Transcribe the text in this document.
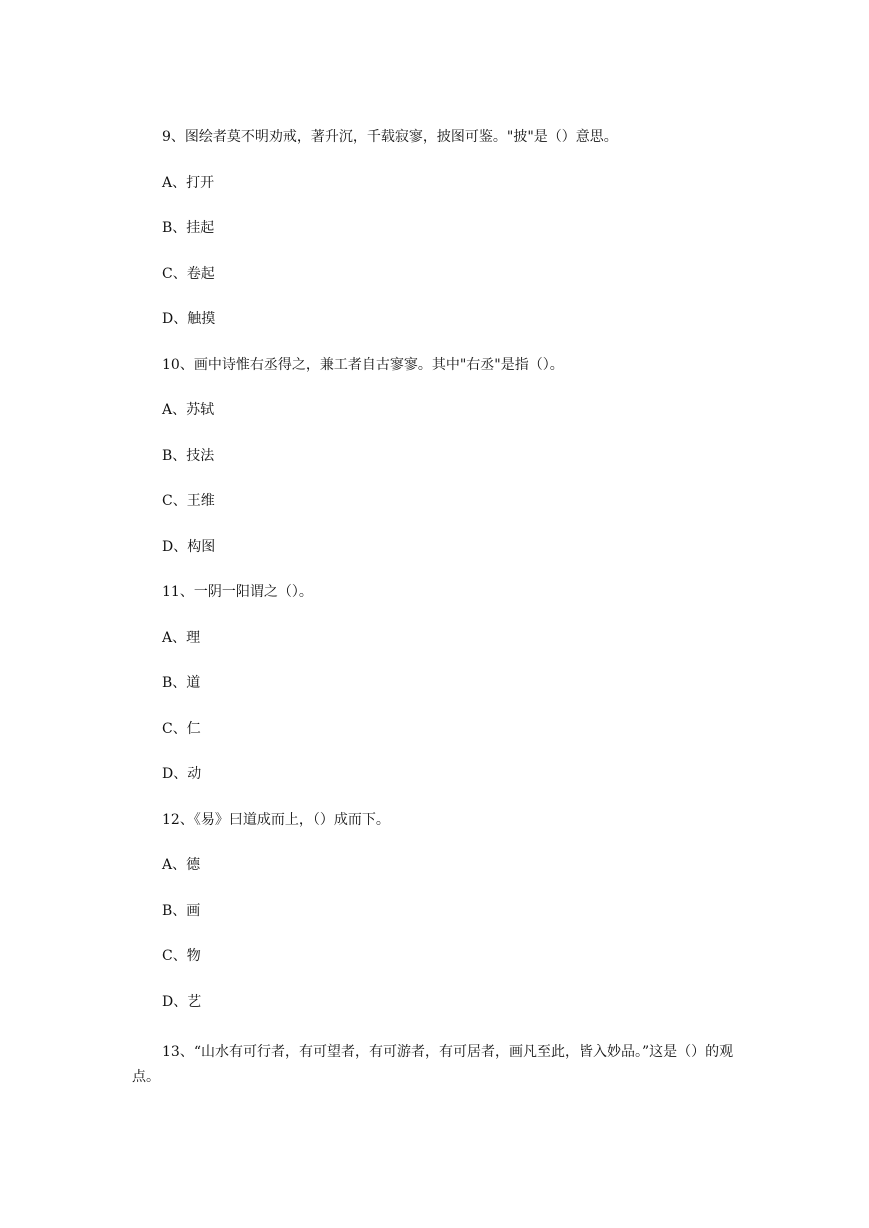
9、图绘者莫不明劝戒，著升沉，千载寂寥，披图可鉴。"披"是（）意思。

A、打开

B、挂起

C、卷起

D、触摸

10、画中诗惟右丞得之，兼工者自古寥寥。其中"右丞"是指（）。

A、苏轼

B、技法

C、王维

D、构图

11、一阴一阳谓之（）。

A、理

B、道

C、仁

D、动

12、《易》曰道成而上，（）成而下。

A、德

B、画

C、物

D、艺

13、“山水有可行者，有可望者，有可游者，有可居者，画凡至此，皆入妙品。”这是（）的观点。
